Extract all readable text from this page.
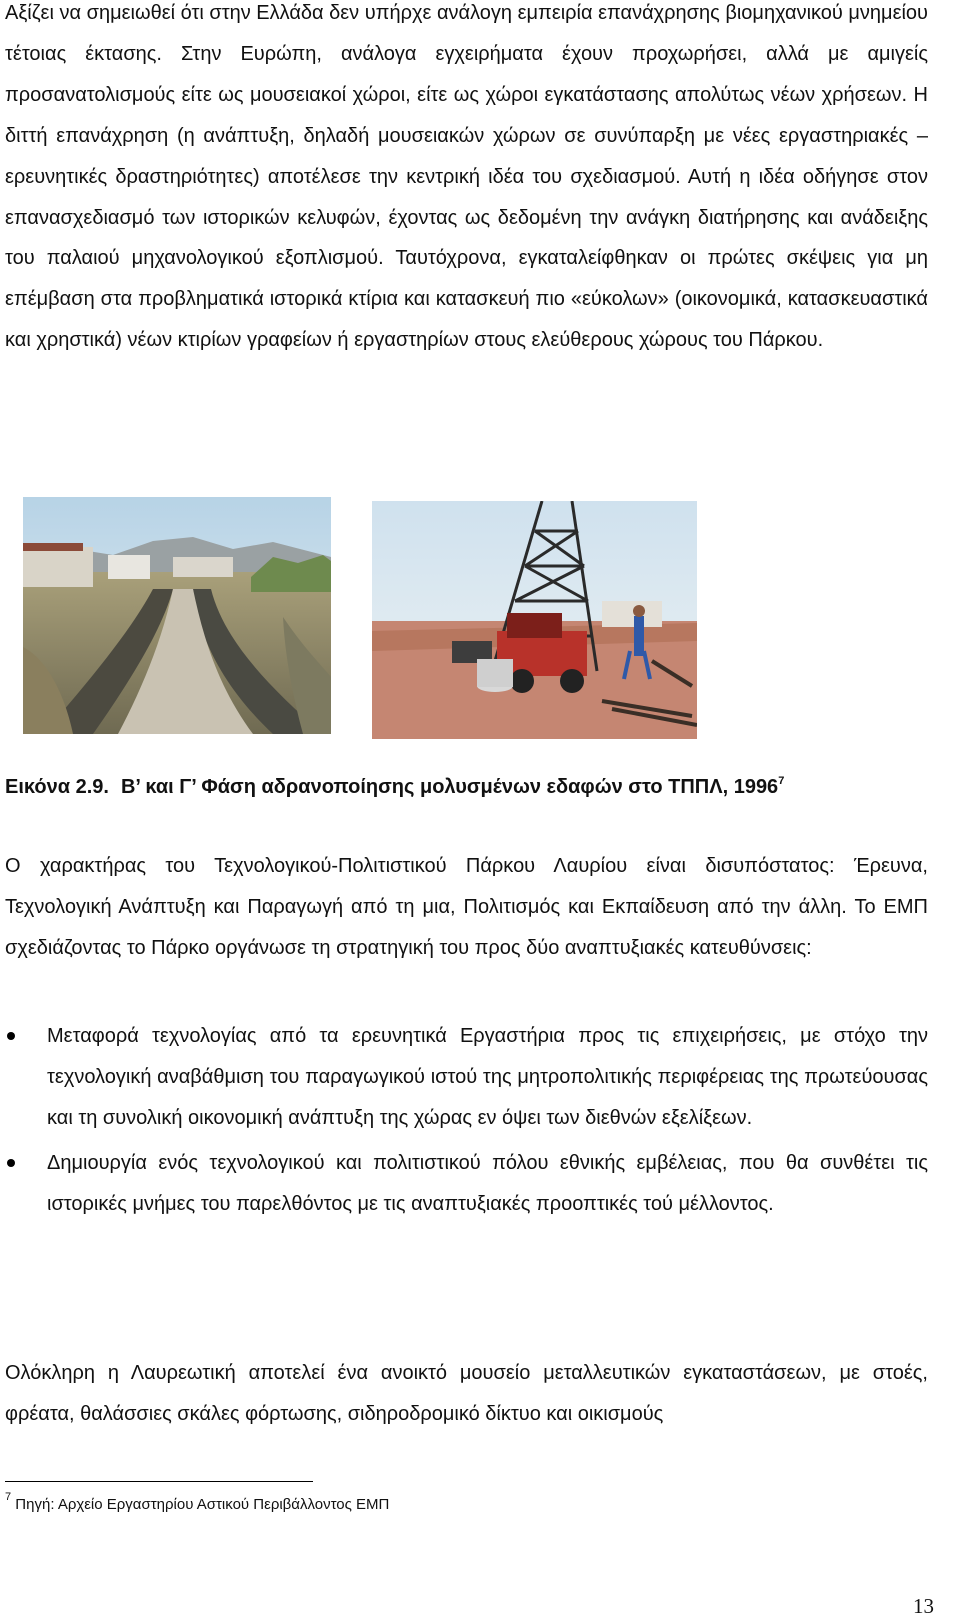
Αξίζει να σημειωθεί ότι στην Ελλάδα δεν υπήρχε ανάλογη εμπειρία επανάχρησης βιομηχανικού μνημείου τέτοιας έκτασης. Στην Ευρώπη, ανάλογα εγχειρήματα έχουν προχωρήσει, αλλά με αμιγείς προσανατολισμούς είτε ως μουσειακοί χώροι, είτε ως χώροι εγκατάστασης απολύτως νέων χρήσεων. Η διττή επανάχρηση (η ανάπτυξη, δηλαδή μουσειακών χώρων σε συνύπαρξη με νέες εργαστηριακές – ερευνητικές δραστηριότητες) αποτέλεσε την κεντρική ιδέα του σχεδιασμού. Αυτή η ιδέα οδήγησε στον επανασχεδιασμό των ιστορικών κελυφών, έχοντας ως δεδομένη την ανάγκη διατήρησης και ανάδειξης του παλαιού μηχανολογικού εξοπλισμού. Ταυτόχρονα, εγκαταλείφθηκαν οι πρώτες σκέψεις για μη επέμβαση στα προβληματικά ιστορικά κτίρια και κατασκευή πιο «εύκολων» (οικονομικά, κατασκευαστικά και χρηστικά) νέων κτιρίων γραφείων ή εργαστηρίων στους ελεύθερους χώρους του Πάρκου.

Εικόνα 2.9. Β’ και Γ’ Φάση αδρανοποίησης μολυσμένων εδαφών στο ΤΠΠΛ, 1996$^7$

Ο χαρακτήρας του Τεχνολογικού-Πολιτιστικού Πάρκου Λαυρίου είναι δισυπόστατος: Έρευνα, Τεχνολογική Ανάπτυξη και Παραγωγή από τη μια, Πολιτισμός και Εκπαίδευση από την άλλη. Το ΕΜΠ σχεδιάζοντας το Πάρκο οργάνωσε τη στρατηγική του προς δύο αναπτυξιακές κατευθύνσεις:

Μεταφορά τεχνολογίας από τα ερευνητικά Εργαστήρια προς τις επιχειρήσεις, με στόχο την τεχνολογική αναβάθμιση του παραγωγικού ιστού της μητροπολιτικής περιφέρειας της πρωτεύουσας και τη συνολική οικονομική ανάπτυξη της χώρας εν όψει των διεθνών εξελίξεων.
Δημιουργία ενός τεχνολογικού και πολιτιστικού πόλου εθνικής εμβέλειας, που θα συνθέτει τις ιστορικές μνήμες του παρελθόντος με τις αναπτυξιακές προοπτικές τού μέλλοντος.

Ολόκληρη η Λαυρεωτική αποτελεί ένα ανοικτό μουσείο μεταλλευτικών εγκαταστάσεων, με στοές, φρέατα, θαλάσσιες σκάλες φόρτωσης, σιδηροδρομικό δίκτυο και οικισμούς

$^7$ Πηγή: Αρχείο Εργαστηρίου Αστικού Περιβάλλοντος ΕΜΠ

13
